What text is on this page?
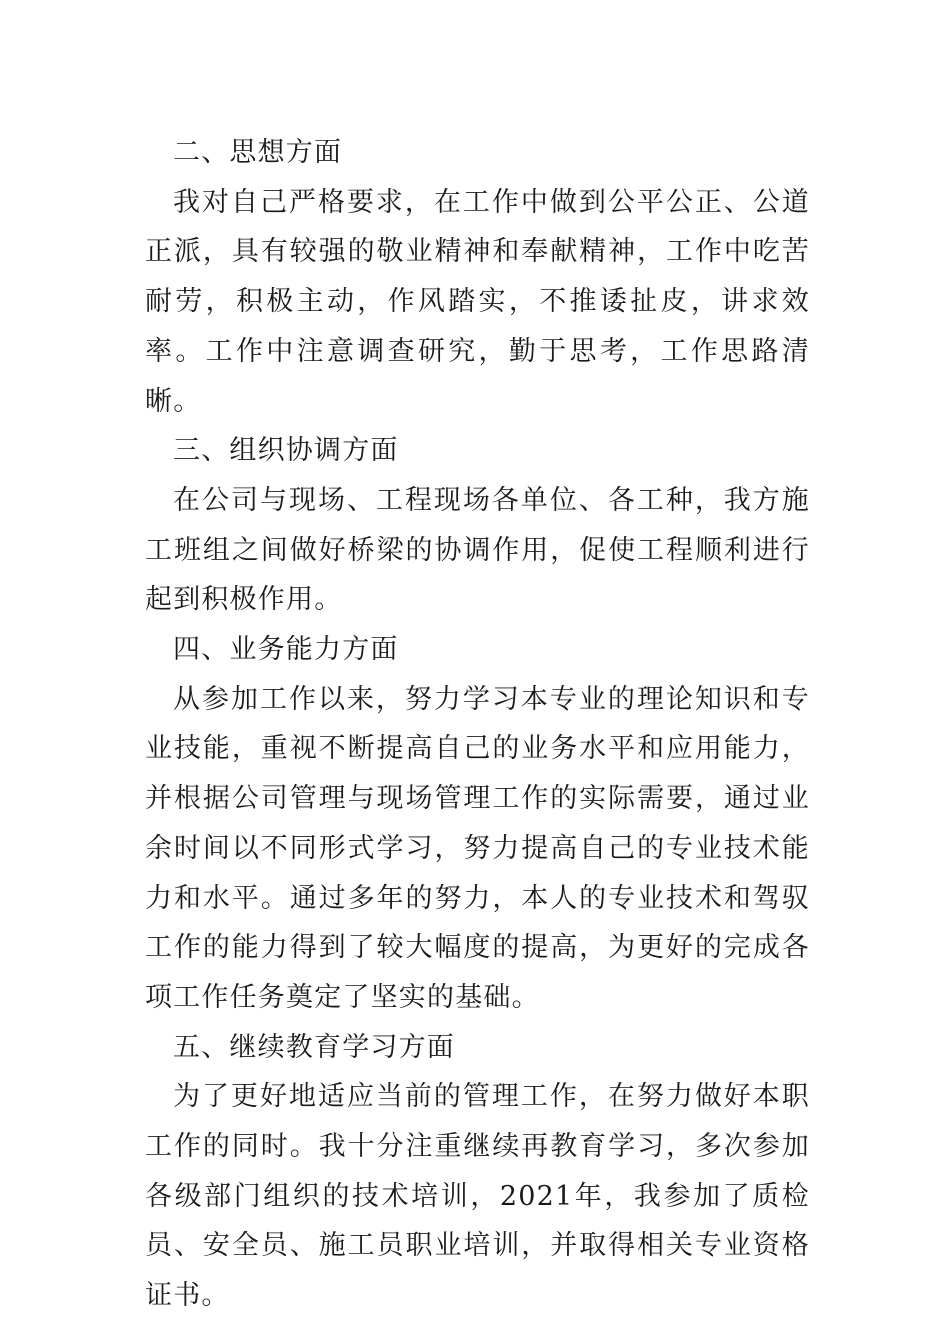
二、思想方面

我对自己严格要求，在工作中做到公平公正、公道正派，具有较强的敬业精神和奉献精神，工作中吃苦耐劳，积极主动，作风踏实，不推诿扯皮，讲求效率。工作中注意调查研究，勤于思考，工作思路清晰。

三、组织协调方面

在公司与现场、工程现场各单位、各工种，我方施工班组之间做好桥梁的协调作用，促使工程顺利进行起到积极作用。

四、业务能力方面

从参加工作以来，努力学习本专业的理论知识和专业技能，重视不断提高自己的业务水平和应用能力，并根据公司管理与现场管理工作的实际需要，通过业余时间以不同形式学习，努力提高自己的专业技术能力和水平。通过多年的努力，本人的专业技术和驾驭工作的能力得到了较大幅度的提高，为更好的完成各项工作任务奠定了坚实的基础。

五、继续教育学习方面

为了更好地适应当前的管理工作，在努力做好本职工作的同时。我十分注重继续再教育学习，多次参加各级部门组织的技术培训，2021年，我参加了质检员、安全员、施工员职业培训，并取得相关专业资格证书。
